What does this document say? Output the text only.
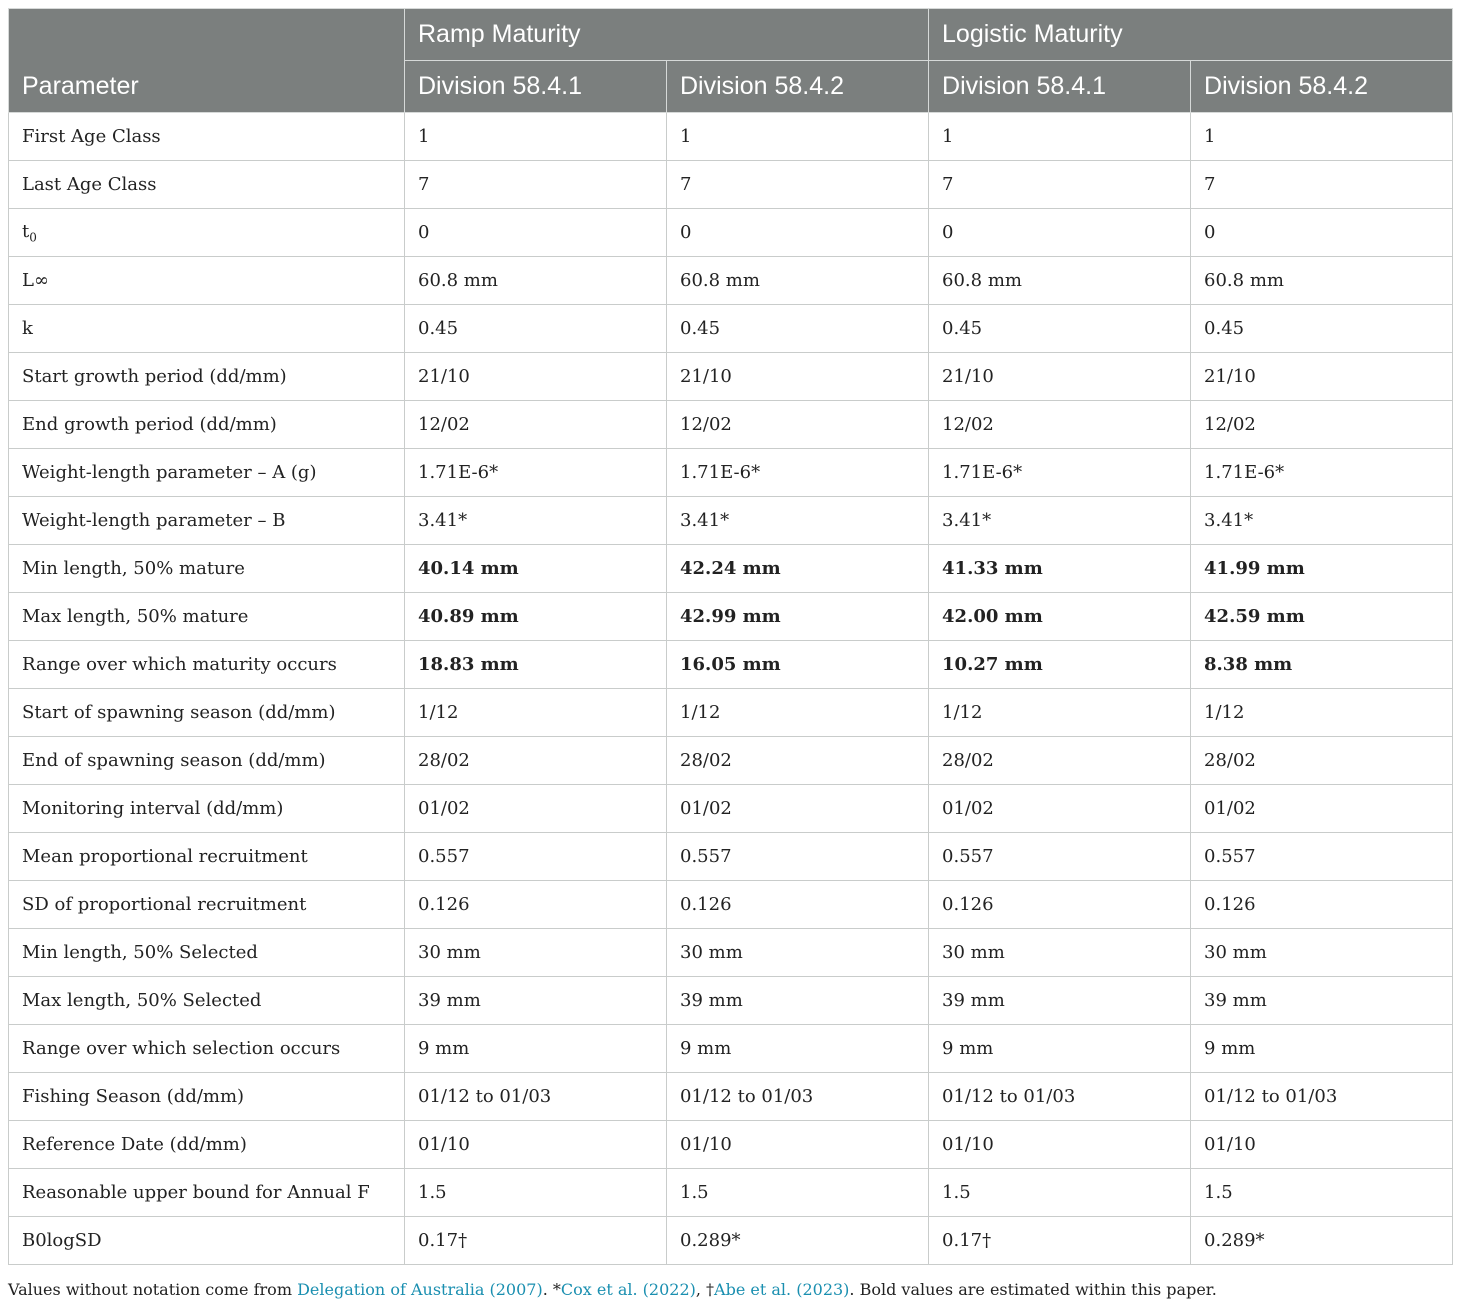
Parameter	Ramp Maturity		Logistic Maturity	
	Division 58.4.1	Division 58.4.2	Division 58.4.1	Division 58.4.2
First Age Class	1	1	1	1
Last Age Class	7	7	7	7
$t_0$	0	0	0	0
L∞	60.8 mm	60.8 mm	60.8 mm	60.8 mm
k	0.45	0.45	0.45	0.45
Start growth period (dd/mm)	21/10	21/10	21/10	21/10
End growth period (dd/mm)	12/02	12/02	12/02	12/02
Weight-length parameter – A (g)	1.71E-6*	1.71E-6*	1.71E-6*	1.71E-6*
Weight-length parameter – B	3.41*	3.41*	3.41*	3.41*
Min length, 50% mature	40.14 mm	42.24 mm	41.33 mm	41.99 mm
Max length, 50% mature	40.89 mm	42.99 mm	42.00 mm	42.59 mm
Range over which maturity occurs	18.83 mm	16.05 mm	10.27 mm	8.38 mm
Start of spawning season (dd/mm)	1/12	1/12	1/12	1/12
End of spawning season (dd/mm)	28/02	28/02	28/02	28/02
Monitoring interval (dd/mm)	01/02	01/02	01/02	01/02
Mean proportional recruitment	0.557	0.557	0.557	0.557
SD of proportional recruitment	0.126	0.126	0.126	0.126
Min length, 50% Selected	30 mm	30 mm	30 mm	30 mm
Max length, 50% Selected	39 mm	39 mm	39 mm	39 mm
Range over which selection occurs	9 mm	9 mm	9 mm	9 mm
Fishing Season (dd/mm)	01/12 to 01/03	01/12 to 01/03	01/12 to 01/03	01/12 to 01/03
Reference Date (dd/mm)	01/10	01/10	01/10	01/10
Reasonable upper bound for Annual F	1.5	1.5	1.5	1.5
B0logSD	0.17†	0.289*	0.17†	0.289*
Values without notation come from Delegation of Australia (2007). *Cox et al. (2022), †Abe et al. (2023). Bold values are estimated within this paper.
